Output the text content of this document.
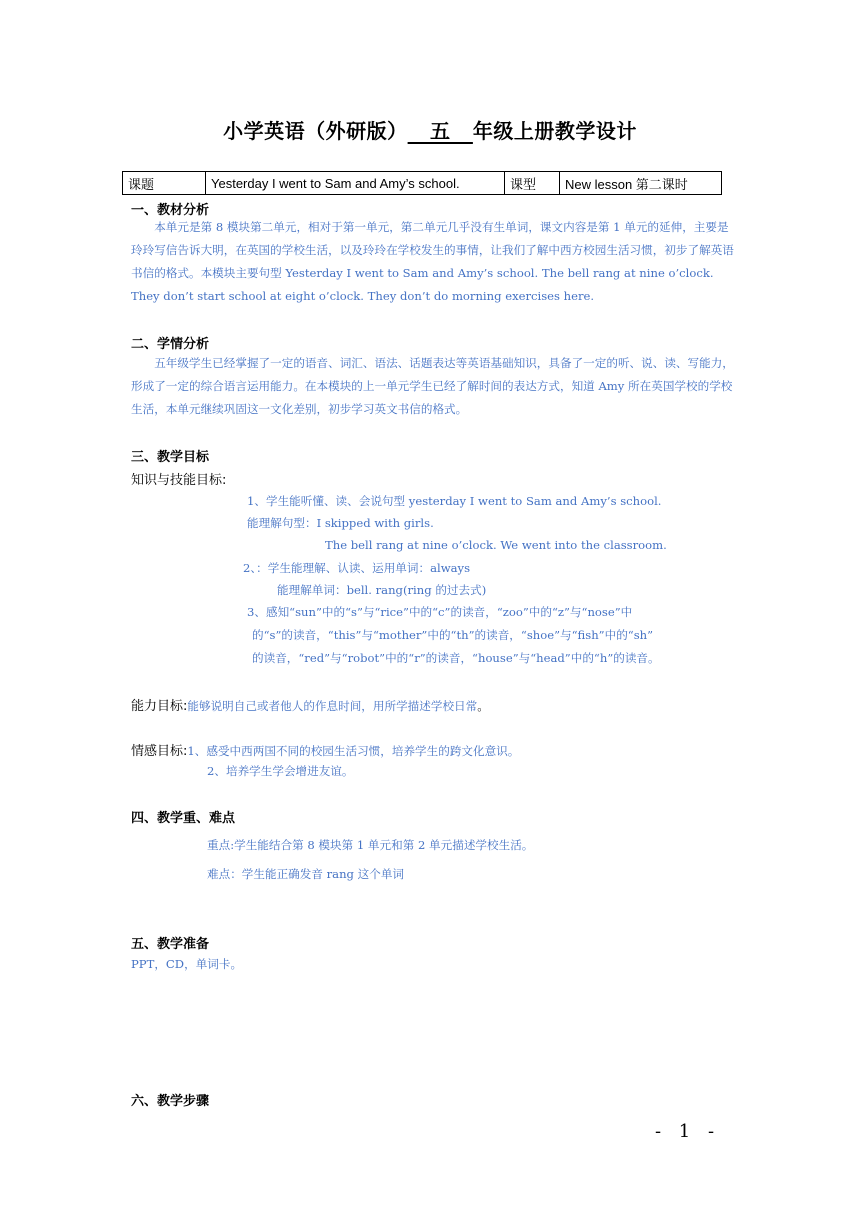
小学英语（外研版） 五 年级上册教学设计
课题	Yesterday I went to Sam and Amy’s school.	课型	New lesson 第二课时
一、教材分析
本单元是第 8 模块第二单元，相对于第一单元，第二单元几乎没有生单词，课文内容是第 1 单元的延伸，主要是玲玲写信告诉大明，在英国的学校生活，以及玲玲在学校发生的事情，让我们了解中西方校园生活习惯，初步了解英语书信的格式。本模块主要句型 Yesterday I went to Sam and Amy’s school. The bell rang at nine o’clock. They don’t start school at eight o’clock. They don’t do morning exercises here.
二、学情分析
五年级学生已经掌握了一定的语音、词汇、语法、话题表达等英语基础知识，具备了一定的听、说、读、写能力，形成了一定的综合语言运用能力。在本模块的上一单元学生已经了解时间的表达方式，知道 Amy 所在英国学校的学校生活，本单元继续巩固这一文化差别，初步学习英文书信的格式。
三、教学目标
知识与技能目标:
1、学生能听懂、读、会说句型 yesterday I went to Sam and Amy’s school.
能理解句型：I skipped with girls.
The bell rang at nine o’clock. We went into the classroom.
2、：学生能理解、认读、运用单词：always
能理解单词：bell. rang(ring 的过去式)
3、感知“sun”中的“s”与“rice”中的“c”的读音，“zoo”中的“z”与“nose”中
的“s”的读音，“this”与“mother”中的“th”的读音，“shoe”与“fish”中的“sh”
的读音，“red”与“robot”中的“r”的读音，“house”与“head”中的“h”的读音。
能力目标:能够说明自己或者他人的作息时间，用所学描述学校日常。
情感目标:1、感受中西两国不同的校园生活习惯，培养学生的跨文化意识。
2、培养学生学会增进友谊。
四、教学重、难点
重点:学生能结合第 8 模块第 1 单元和第 2 单元描述学校生活。
难点：学生能正确发音 rang 这个单词
五、教学准备
PPT，CD，单词卡。
六、教学步骤
- 1 -
